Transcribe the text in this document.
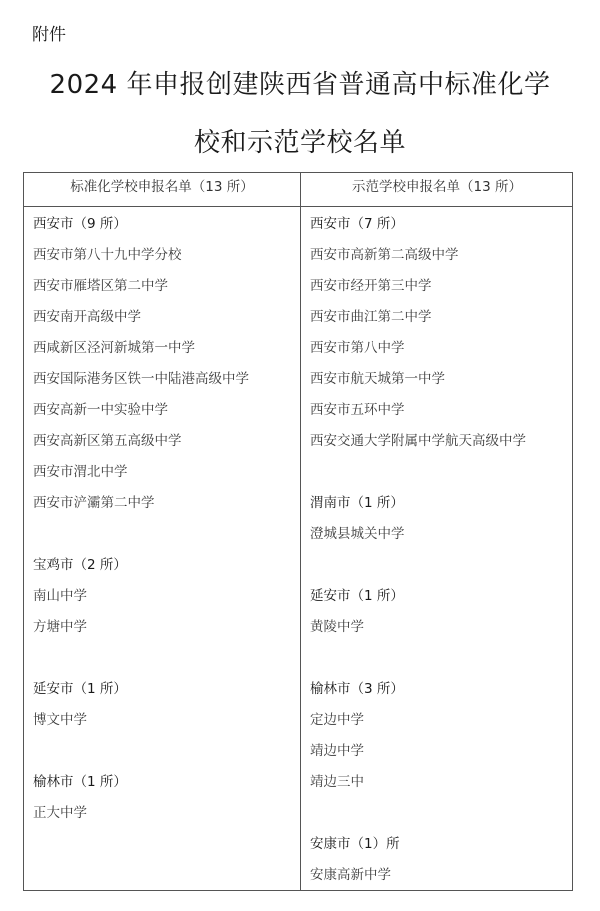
附件
2024 年申报创建陕西省普通高中标准化学
校和示范学校名单
标准化学校申报名单（13 所）	示范学校申报名单（13 所）
西安市（9 所）
西安市第八十九中学分校
西安市雁塔区第二中学
西安南开高级中学
西咸新区泾河新城第一中学
西安国际港务区铁一中陆港高级中学
西安高新一中实验中学
西安高新区第五高级中学
西安市渭北中学
西安市浐灞第二中学
宝鸡市（2 所）
南山中学
方塘中学
延安市（1 所）
博文中学
榆林市（1 所）
正大中学
西安市（7 所）
西安市高新第二高级中学
西安市经开第三中学
西安市曲江第二中学
西安市第八中学
西安市航天城第一中学
西安市五环中学
西安交通大学附属中学航天高级中学
渭南市（1 所）
澄城县城关中学
延安市（1 所）
黄陵中学
榆林市（3 所）
定边中学
靖边中学
靖边三中
安康市（1）所
安康高新中学
